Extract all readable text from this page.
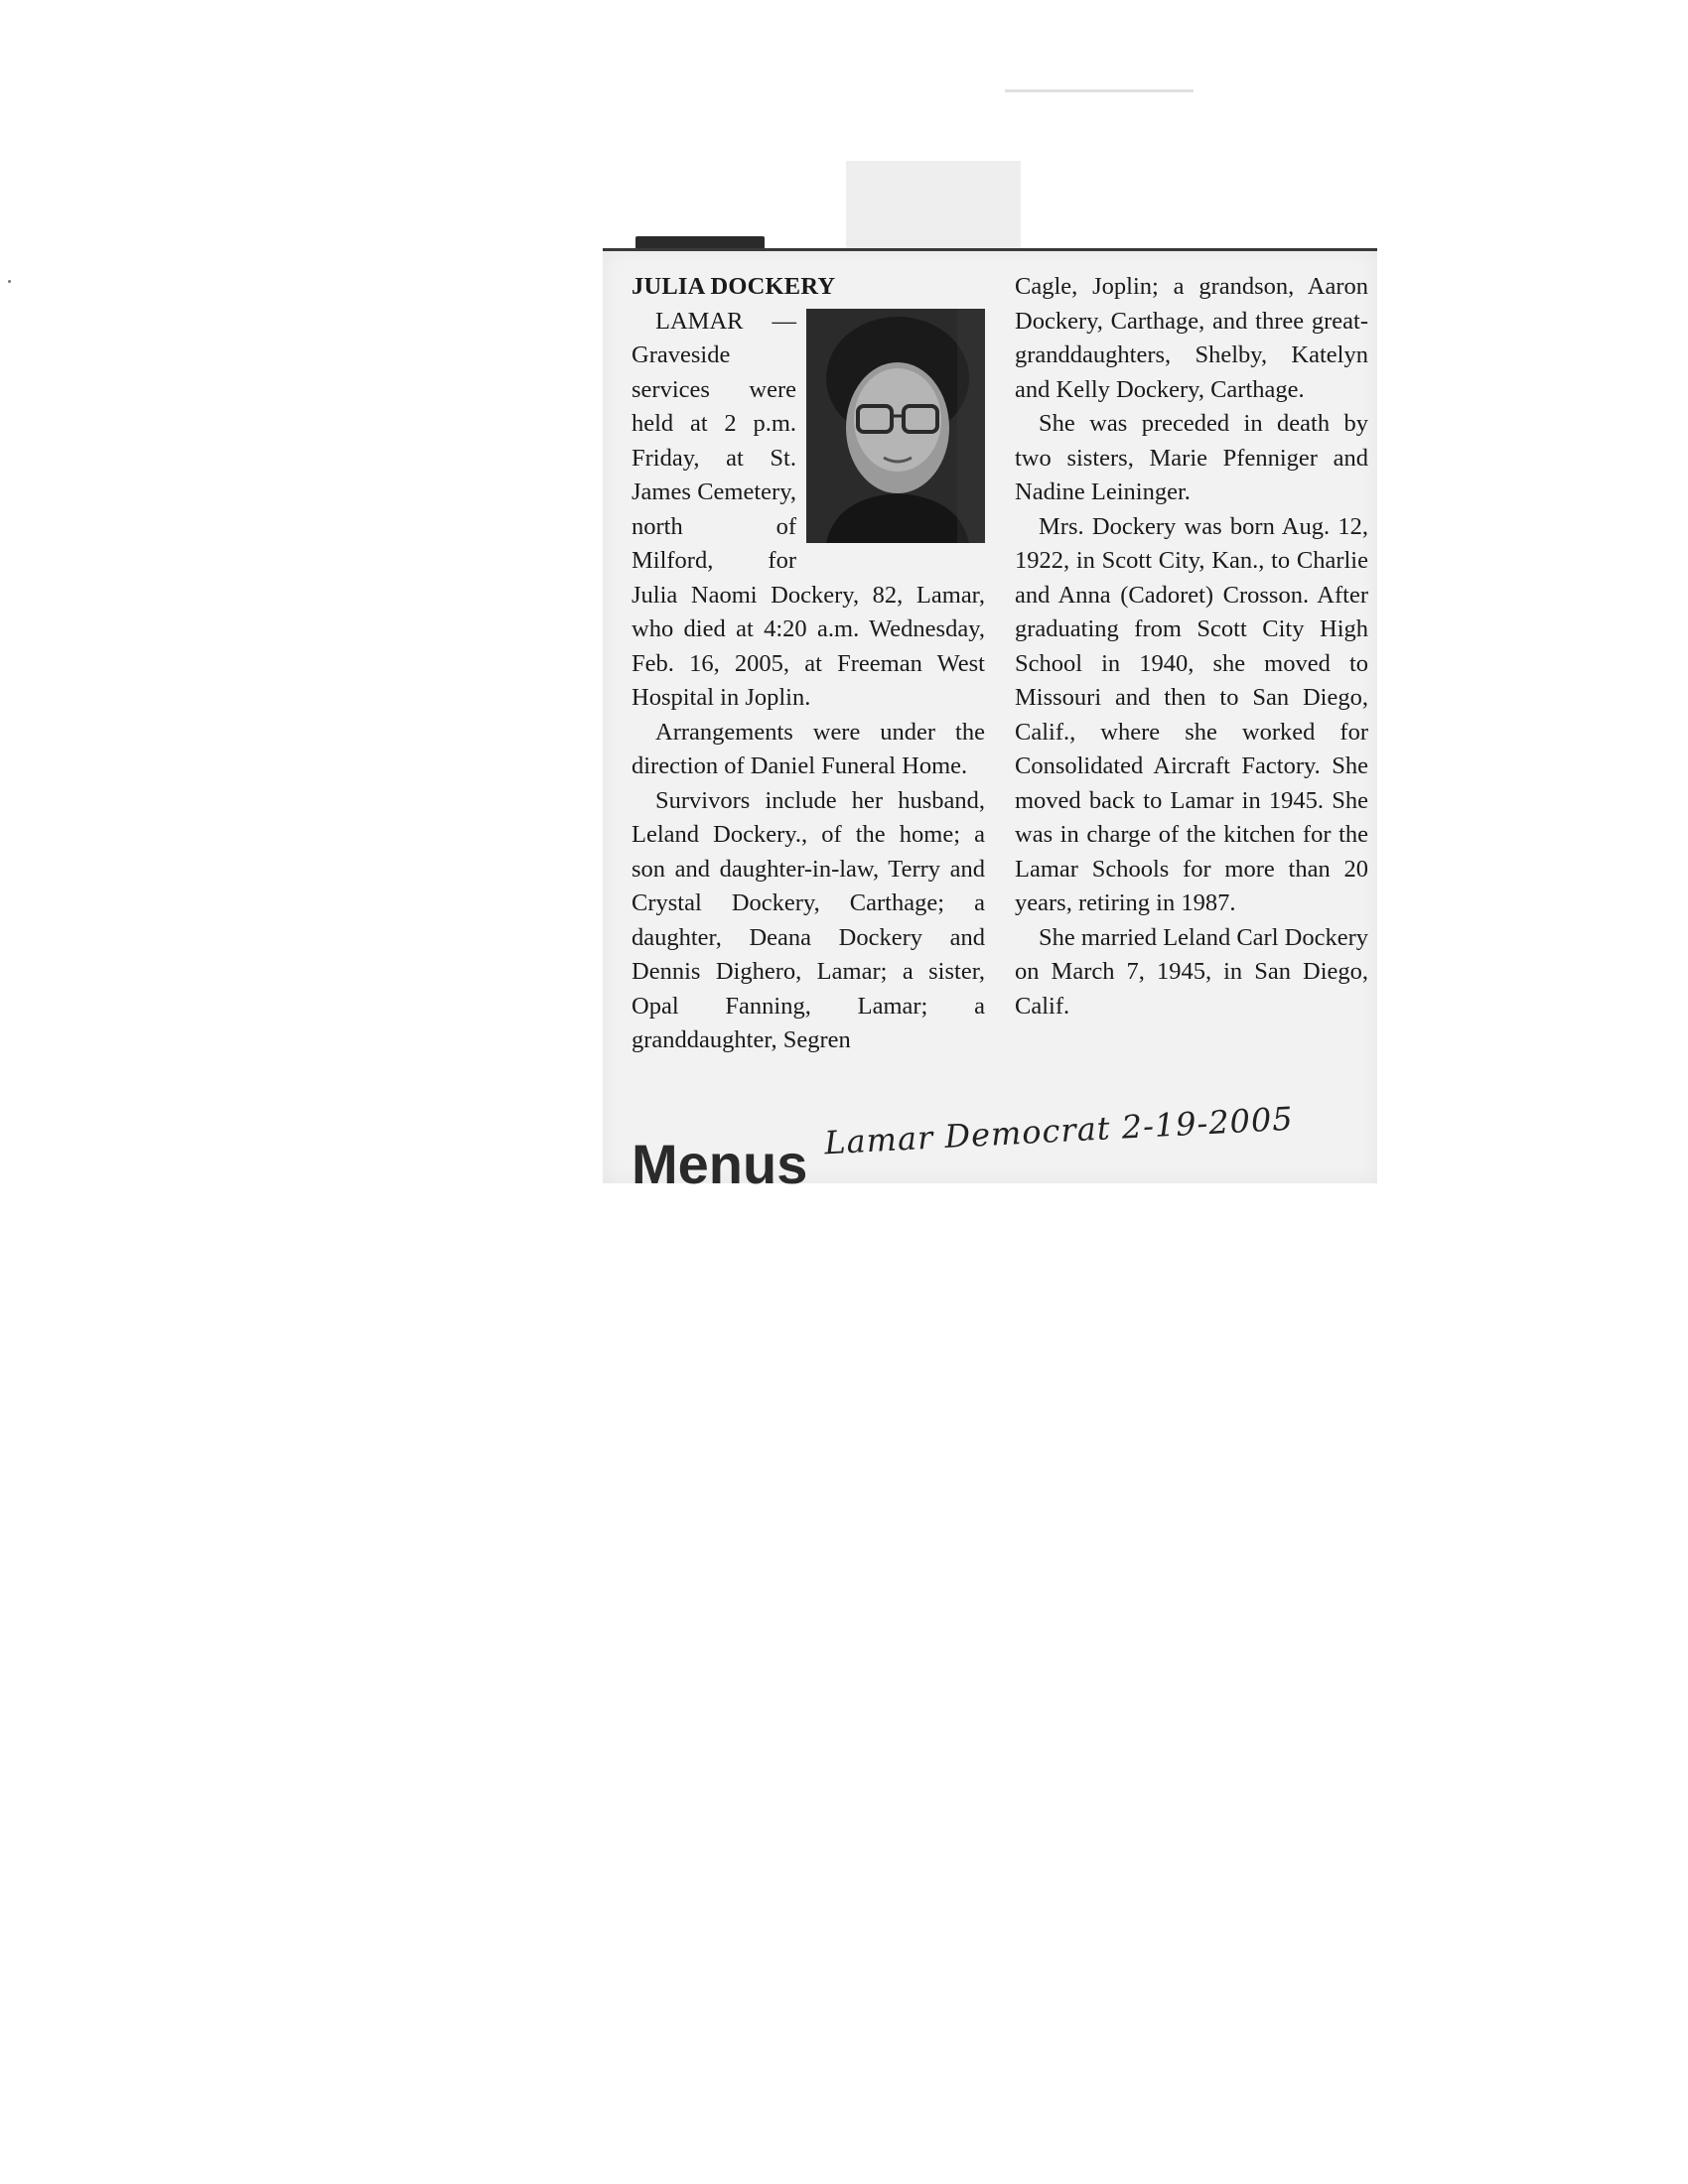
JULIA DOCKERY

LAMAR — Graveside services were held at 2 p.m. Friday, at St. James Cemetery, north of Milford, for Julia Naomi Dockery, 82, Lamar, who died at 4:20 a.m. Wednesday, Feb. 16, 2005, at Freeman West Hospital in Joplin.

Arrangements were under the direction of Daniel Funeral Home.

Survivors include her husband, Leland Dockery., of the home; a son and daughter-in-law, Terry and Crystal Dockery, Carthage; a daughter, Deana Dockery and Dennis Dighero, Lamar; a sister, Opal Fanning, Lamar; a granddaughter, Segren

Cagle, Joplin; a grandson, Aaron Dockery, Carthage, and three great-granddaughters, Shelby, Katelyn and Kelly Dockery, Carthage.

She was preceded in death by two sisters, Marie Pfenniger and Nadine Leininger.

Mrs. Dockery was born Aug. 12, 1922, in Scott City, Kan., to Charlie and Anna (Cadoret) Crosson. After graduating from Scott City High School in 1940, she moved to Missouri and then to San Diego, Calif., where she worked for Consolidated Aircraft Factory. She moved back to Lamar in 1945. She was in charge of the kitchen for the Lamar Schools for more than 20 years, retiring in 1987.

She married Leland Carl Dockery on March 7, 1945, in San Diego, Calif.

Lamar Democrat 2-19-2005
Menus
